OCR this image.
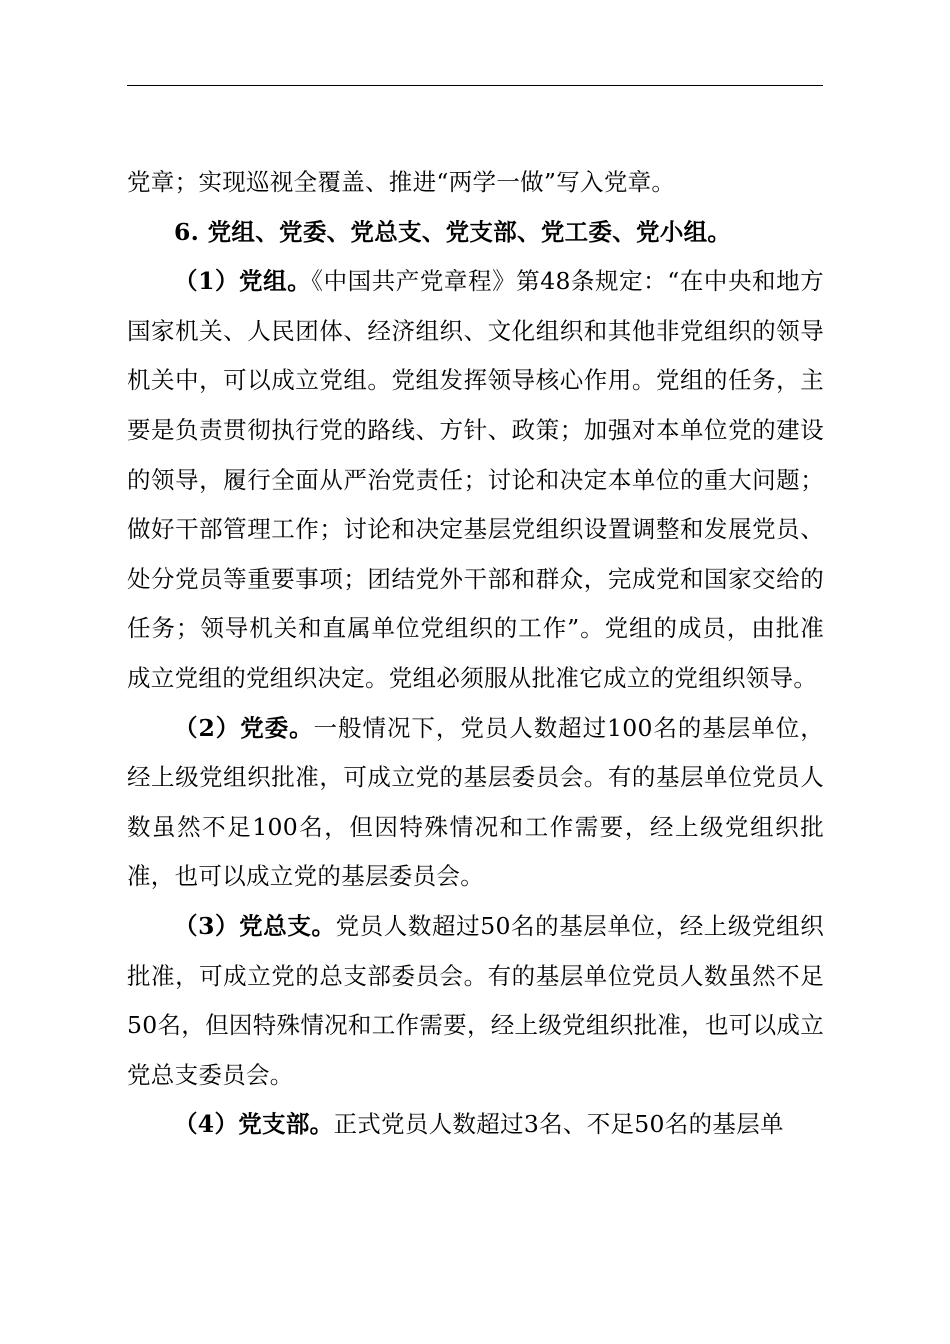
党章；实现巡视全覆盖、推进“两学一做”写入党章。

6. 党组、党委、党总支、党支部、党工委、党小组。

（1）党组。《中国共产党章程》第48条规定：“在中央和地方国家机关、人民团体、经济组织、文化组织和其他非党组织的领导机关中，可以成立党组。党组发挥领导核心作用。党组的任务，主要是负责贯彻执行党的路线、方针、政策；加强对本单位党的建设的领导，履行全面从严治党责任；讨论和决定本单位的重大问题；做好干部管理工作；讨论和决定基层党组织设置调整和发展党员、处分党员等重要事项；团结党外干部和群众，完成党和国家交给的任务；领导机关和直属单位党组织的工作”。党组的成员，由批准成立党组的党组织决定。党组必须服从批准它成立的党组织领导。

（2）党委。一般情况下，党员人数超过100名的基层单位，经上级党组织批准，可成立党的基层委员会。有的基层单位党员人数虽然不足100名，但因特殊情况和工作需要，经上级党组织批准，也可以成立党的基层委员会。

（3）党总支。党员人数超过50名的基层单位，经上级党组织批准，可成立党的总支部委员会。有的基层单位党员人数虽然不足50名，但因特殊情况和工作需要，经上级党组织批准，也可以成立党总支委员会。

（4）党支部。正式党员人数超过3名、不足50名的基层单
